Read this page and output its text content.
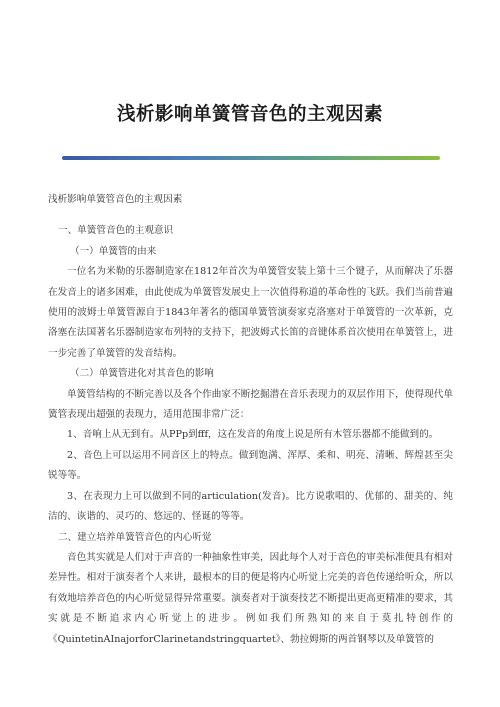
浅析影响单簧管音色的主观因素

浅析影响单簧管音色的主观因素

一、单簧管音色的主观意识

（一）单簧管的由来

一位名为米勒的乐器制造家在1812年首次为单簧管安装上第十三个键子，从而解决了乐器在发音上的诸多困难，由此使成为单簧管发展史上一次值得称道的革命性的飞跃。我们当前普遍使用的波姆士单簧管源自于1843年著名的德国单簧管演奏家克洛塞对于单簧管的一次革新，克洛塞在法国著名乐器制造家布列特的支持下，把波姆式长笛的音键体系首次使用在单簧管上，进一步完善了单簧管的发音结构。

（二）单簧管进化对其音色的影响

单簧管结构的不断完善以及各个作曲家不断挖掘潜在音乐表现力的双层作用下，使得现代单簧管表现出超强的表现力，适用范围非常广泛：

1、音响上从无到有。从PPp到fff，这在发音的角度上说是所有木管乐器都不能做到的。

2、音色上可以运用不同音区上的特点。做到饱满、浑厚、柔和、明亮、清晰、辉煌甚至尖锐等等。

3、在表现力上可以做到不同的articulation(发音)。比方说歌唱的、优郁的、甜美的、纯洁的、诙谐的、灵巧的、悠远的、怪诞的等等。

二、建立培养单簧管音色的内心听觉

音色其实就是人们对于声音的一种抽象性审美，因此每个人对于音色的审美标准便具有相对差异性。相对于演奏者个人来讲，最根本的目的便是将内心听觉上完美的音色传递给听众，所以有效地培养音色的内心听觉显得异常重要。演奏者对于演奏技艺不断提出更高更精准的要求，其实就是不断追求内心听觉上的进步。例如我们所熟知的来自于莫扎特创作的《QuintetinAInajorforClarinetandstringquartet》、勃拉姆斯的两首钢琴以及单簧管的
